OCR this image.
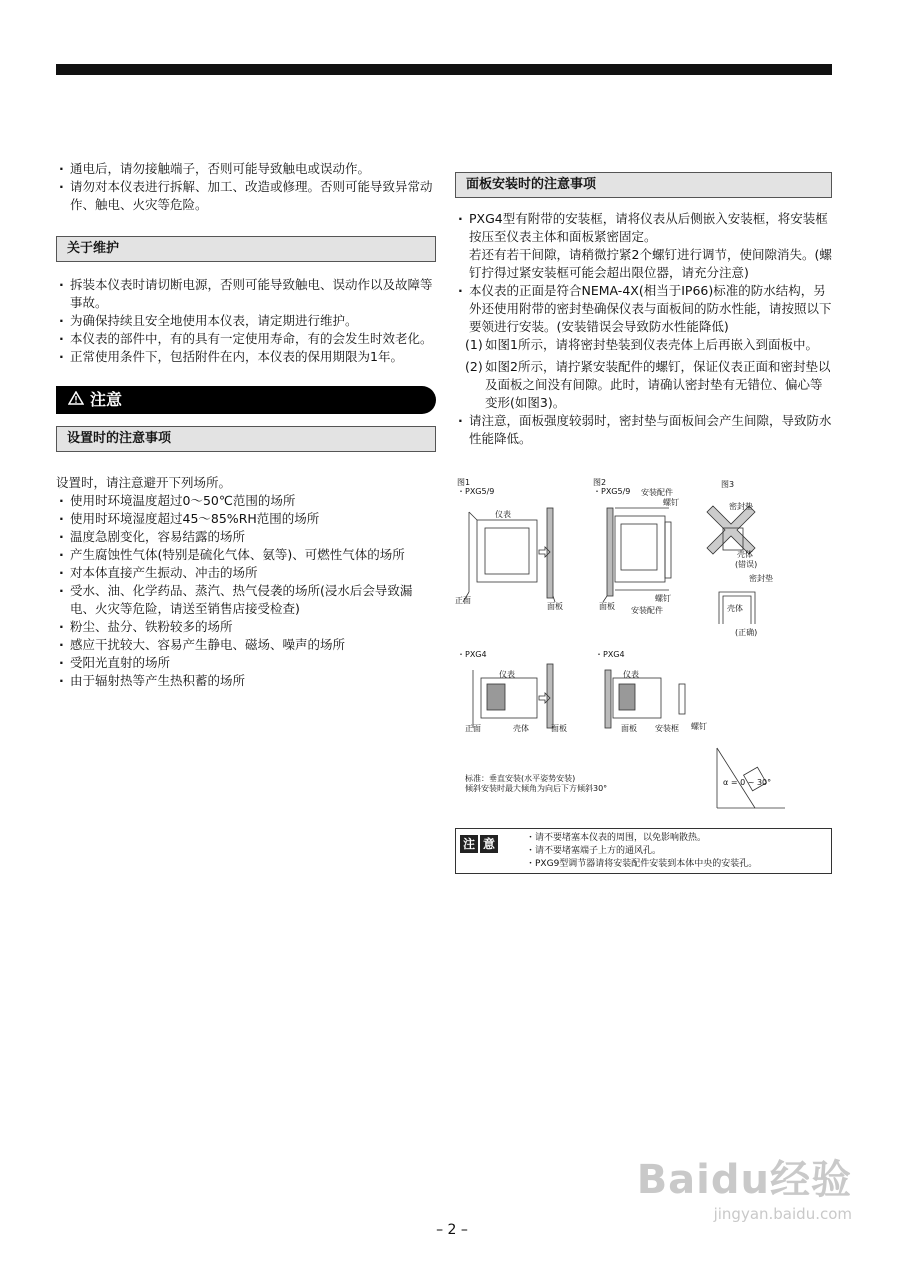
· 通电后，请勿接触端子，否则可能导致触电或误动作。
· 请勿对本仪表进行拆解、加工、改造或修理。否则可能导致异常动作、触电、火灾等危险。
关于维护
· 拆装本仪表时请切断电源，否则可能导致触电、误动作以及故障等事故。
· 为确保持续且安全地使用本仪表，请定期进行维护。
· 本仪表的部件中，有的具有一定使用寿命，有的会发生时效老化。
· 正常使用条件下，包括附件在内，本仪表的保用期限为1年。
注意
设置时的注意事项
设置时，请注意避开下列场所。
· 使用时环境温度超过0～50℃范围的场所
· 使用时环境湿度超过45～85%RH范围的场所
· 温度急剧变化，容易结露的场所
· 产生腐蚀性气体(特别是硫化气体、氨等)、可燃性气体的场所
· 对本体直接产生振动、冲击的场所
· 受水、油、化学药品、蒸汽、热气侵袭的场所(浸水后会导致漏电、火灾等危险，请送至销售店接受检查)
· 粉尘、盐分、铁粉较多的场所
· 感应干扰较大、容易产生静电、磁场、噪声的场所
· 受阳光直射的场所
· 由于辐射热等产生热积蓄的场所
面板安装时的注意事项
· PXG4型有附带的安装框，请将仪表从后侧嵌入安装框，将安装框按压至仪表主体和面板紧密固定。
若还有若干间隙，请稍微拧紧2个螺钉进行调节，使间隙消失。(螺钉拧得过紧安装框可能会超出限位器，请充分注意)
· 本仪表的正面是符合NEMA-4X(相当于IP66)标准的防水结构，另外还使用附带的密封垫确保仪表与面板间的防水性能，请按照以下要领进行安装。(安装错误会导致防水性能降低)
(1) 如图1所示，请将密封垫装到仪表壳体上后再嵌入到面板中。
(2) 如图2所示，请拧紧安装配件的螺钉，保证仪表正面和密封垫以及面板之间没有间隙。此时，请确认密封垫有无错位、偏心等变形(如图3)。
· 请注意，面板强度较弱时，密封垫与面板间会产生间隙，导致防水性能降低。
图1
・PXG5/9
仪表
正面
面板
图2
・PXG5/9 安装配件
螺钉
面板
螺钉
安装配件
图3
密封垫
壳体
(错误)
密封垫
壳体
(正确)
・PXG4
仪表
正面	壳体	面板
・PXG4
仪表
面板 安装框 螺钉
α = 0 ~ 30°
标准：垂直安装(水平姿势安装)
倾斜安装时最大倾角为向后下方倾斜30°
注 意	・请不要堵塞本仪表的周围，以免影响散热。
・请不要堵塞端子上方的通风孔。
・PXG9型调节器请将安装配件安装到本体中央的安装孔。
– 2 –
Baidu经验
jingyan.baidu.com
